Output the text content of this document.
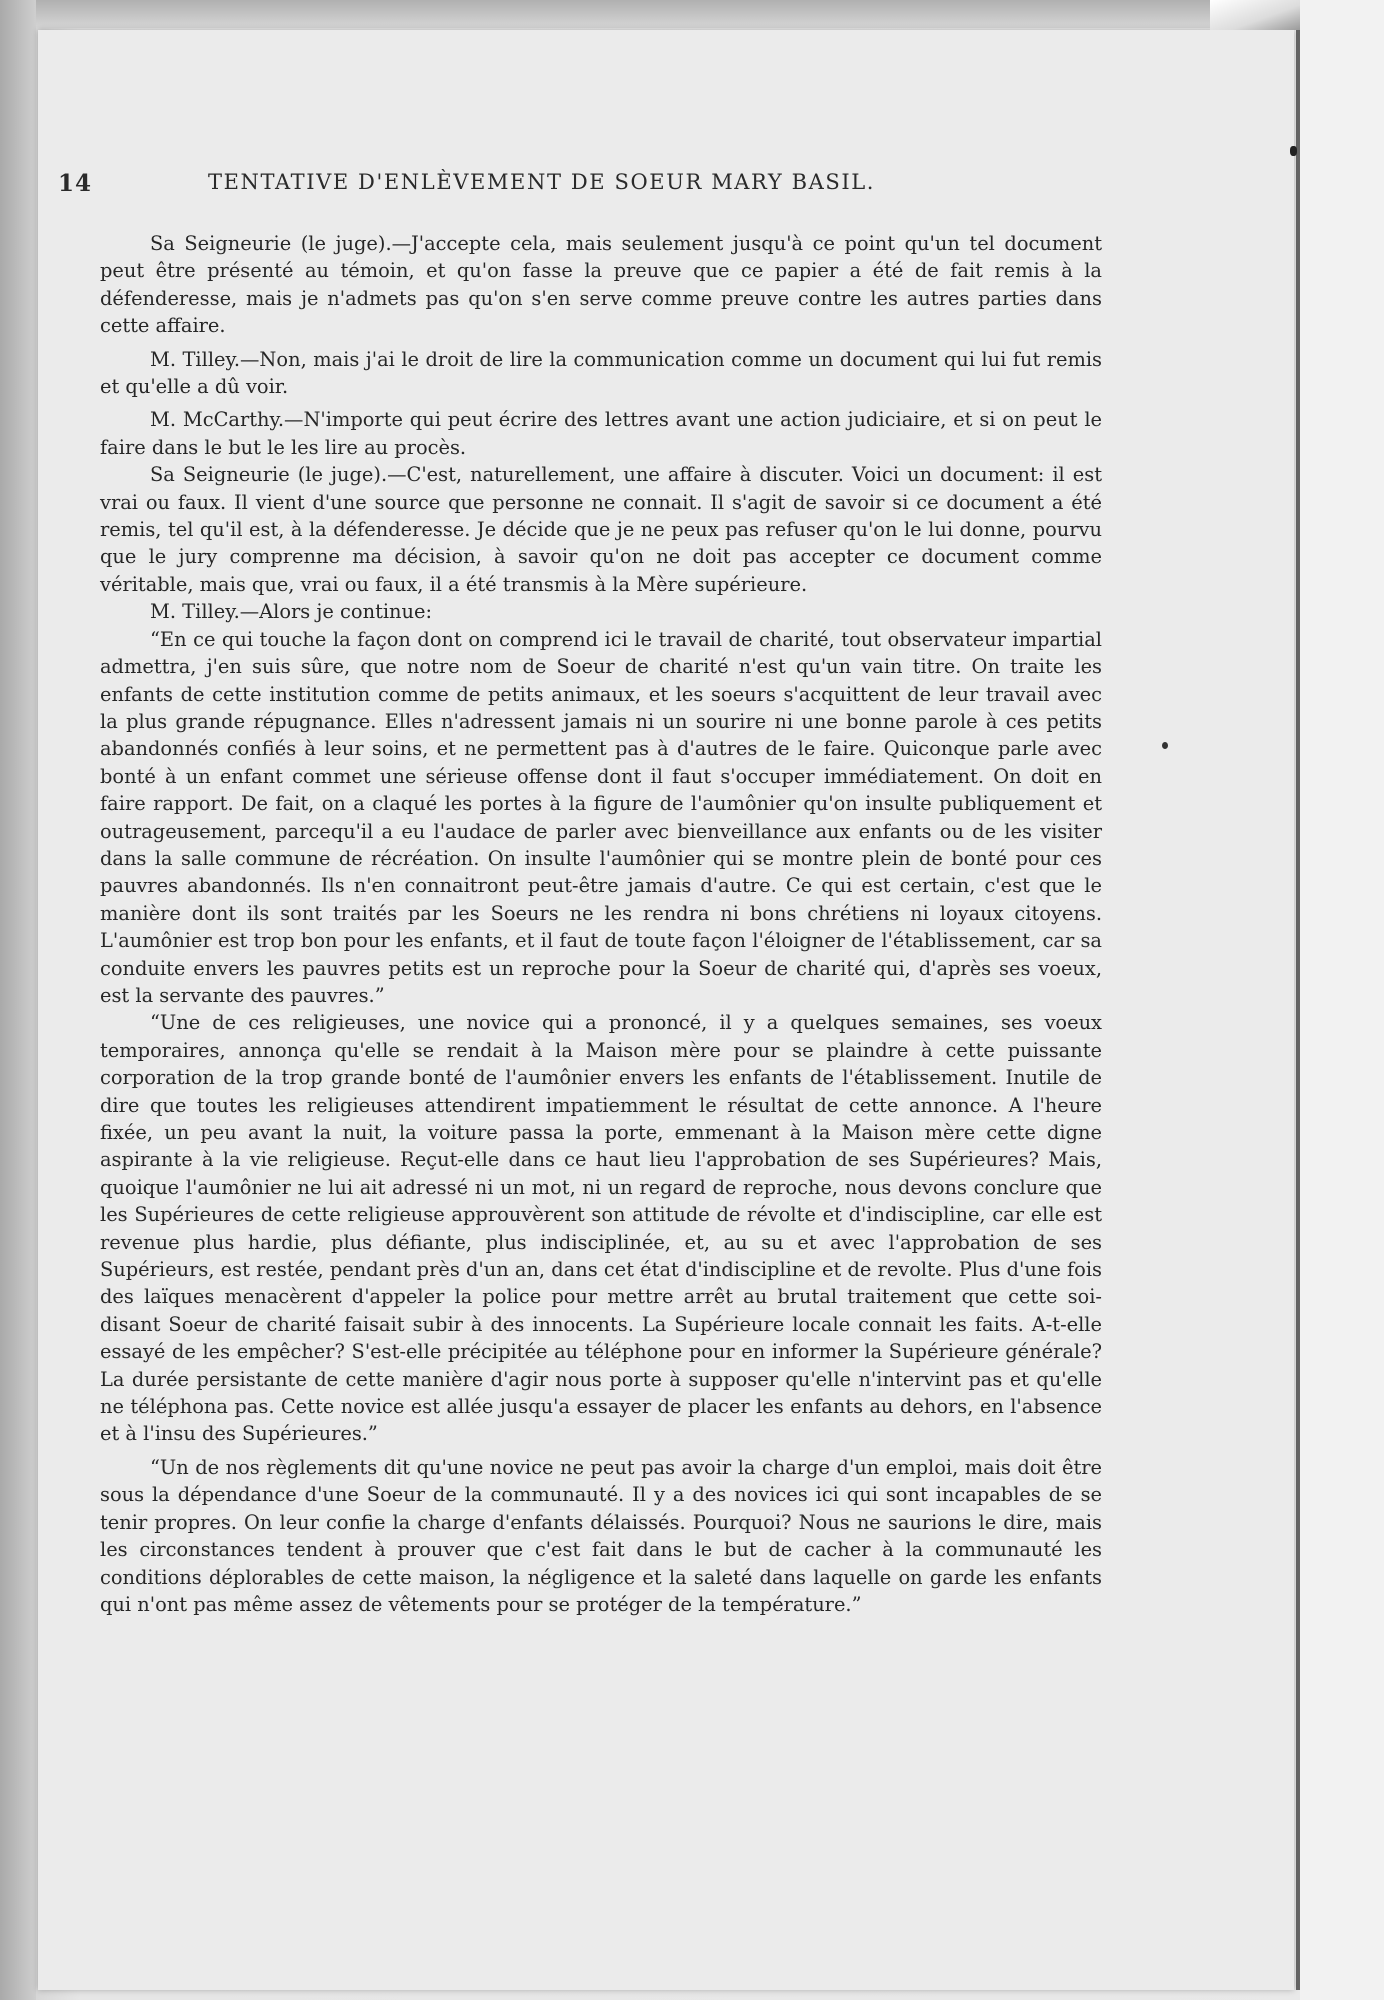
14	TENTATIVE D'ENLÈVEMENT DE SOEUR MARY BASIL.

Sa Seigneurie (le juge).—J'accepte cela, mais seulement jusqu'à ce point qu'un tel document peut être présenté au témoin, et qu'on fasse la preuve que ce papier a été de fait remis à la défenderesse, mais je n'admets pas qu'on s'en serve comme preuve contre les autres parties dans cette affaire.

M. Tilley.—Non, mais j'ai le droit de lire la communication comme un document qui lui fut remis et qu'elle a dû voir.

M. McCarthy.—N'importe qui peut écrire des lettres avant une action judiciaire, et si on peut le faire dans le but le les lire au procès.

Sa Seigneurie (le juge).—C'est, naturellement, une affaire à discuter. Voici un document: il est vrai ou faux. Il vient d'une source que personne ne connait. Il s'agit de savoir si ce document a été remis, tel qu'il est, à la défenderesse. Je décide que je ne peux pas refuser qu'on le lui donne, pourvu que le jury comprenne ma décision, à savoir qu'on ne doit pas accepter ce document comme véritable, mais que, vrai ou faux, il a été transmis à la Mère supérieure.

M. Tilley.—Alors je continue:

“En ce qui touche la façon dont on comprend ici le travail de charité, tout observateur impartial admettra, j'en suis sûre, que notre nom de Soeur de charité n'est qu'un vain titre. On traite les enfants de cette institution comme de petits animaux, et les soeurs s'acquittent de leur travail avec la plus grande répugnance. Elles n'adressent jamais ni un sourire ni une bonne parole à ces petits abandonnés confiés à leur soins, et ne permettent pas à d'autres de le faire. Quiconque parle avec bonté à un enfant commet une sérieuse offense dont il faut s'occuper immédiatement. On doit en faire rapport. De fait, on a claqué les portes à la figure de l'aumônier qu'on insulte publiquement et outrageusement, parcequ'il a eu l'audace de parler avec bienveillance aux enfants ou de les visiter dans la salle commune de récréation. On insulte l'aumônier qui se montre plein de bonté pour ces pauvres abandonnés. Ils n'en connaitront peut-être jamais d'autre. Ce qui est certain, c'est que le manière dont ils sont traités par les Soeurs ne les rendra ni bons chrétiens ni loyaux citoyens. L'aumônier est trop bon pour les enfants, et il faut de toute façon l'éloigner de l'établissement, car sa conduite envers les pauvres petits est un reproche pour la Soeur de charité qui, d'après ses voeux, est la servante des pauvres.”

“Une de ces religieuses, une novice qui a prononcé, il y a quelques semaines, ses voeux temporaires, annonça qu'elle se rendait à la Maison mère pour se plaindre à cette puissante corporation de la trop grande bonté de l'aumônier envers les enfants de l'établissement. Inutile de dire que toutes les religieuses attendirent impatiemment le résultat de cette annonce. A l'heure fixée, un peu avant la nuit, la voiture passa la porte, emmenant à la Maison mère cette digne aspirante à la vie religieuse. Reçut-elle dans ce haut lieu l'approbation de ses Supérieures? Mais, quoique l'aumônier ne lui ait adressé ni un mot, ni un regard de reproche, nous devons conclure que les Supérieures de cette religieuse approuvèrent son attitude de révolte et d'indiscipline, car elle est revenue plus hardie, plus défiante, plus indisciplinée, et, au su et avec l'approbation de ses Supérieurs, est restée, pendant près d'un an, dans cet état d'indiscipline et de revolte. Plus d'une fois des laïques menacèrent d'appeler la police pour mettre arrêt au brutal traitement que cette soi-disant Soeur de charité faisait subir à des innocents. La Supérieure locale connait les faits. A-t-elle essayé de les empêcher? S'est-elle précipitée au téléphone pour en informer la Supérieure générale? La durée persistante de cette manière d'agir nous porte à supposer qu'elle n'intervint pas et qu'elle ne téléphona pas. Cette novice est allée jusqu'a essayer de placer les enfants au dehors, en l'absence et à l'insu des Supérieures.”

“Un de nos règlements dit qu'une novice ne peut pas avoir la charge d'un emploi, mais doit être sous la dépendance d'une Soeur de la communauté. Il y a des novices ici qui sont incapables de se tenir propres. On leur confie la charge d'enfants délaissés. Pourquoi? Nous ne saurions le dire, mais les circonstances tendent à prouver que c'est fait dans le but de cacher à la communauté les conditions déplorables de cette maison, la négligence et la saleté dans laquelle on garde les enfants qui n'ont pas même assez de vêtements pour se protéger de la température.”
